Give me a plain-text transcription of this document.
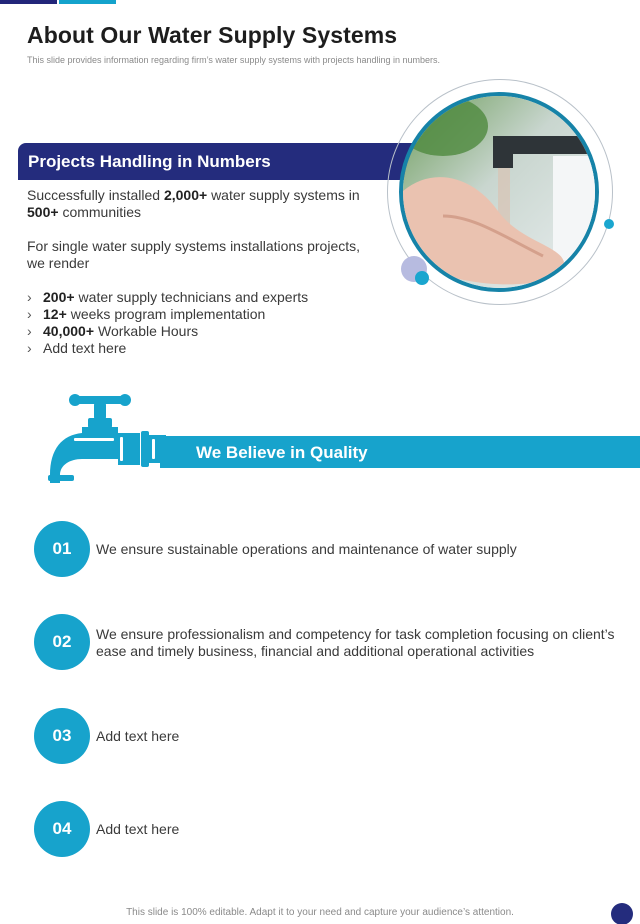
About Our Water Supply Systems
This slide provides information regarding firm’s water supply systems with projects handling in numbers.
Projects Handling in Numbers
Successfully installed 2,000+ water supply systems in 500+ communities
For single water supply systems installations projects, we render
› 200+ water supply technicians and experts
› 12+ weeks program implementation
› 40,000+ Workable Hours
› Add text here
We Believe in Quality
01	We ensure sustainable operations and maintenance of water supply
02	We ensure professionalism and competency for task completion focusing on client’s ease and timely business, financial and additional operational activities
03	Add text here
04	Add text here
This slide is 100% editable. Adapt it to your need and capture your audience’s attention.
